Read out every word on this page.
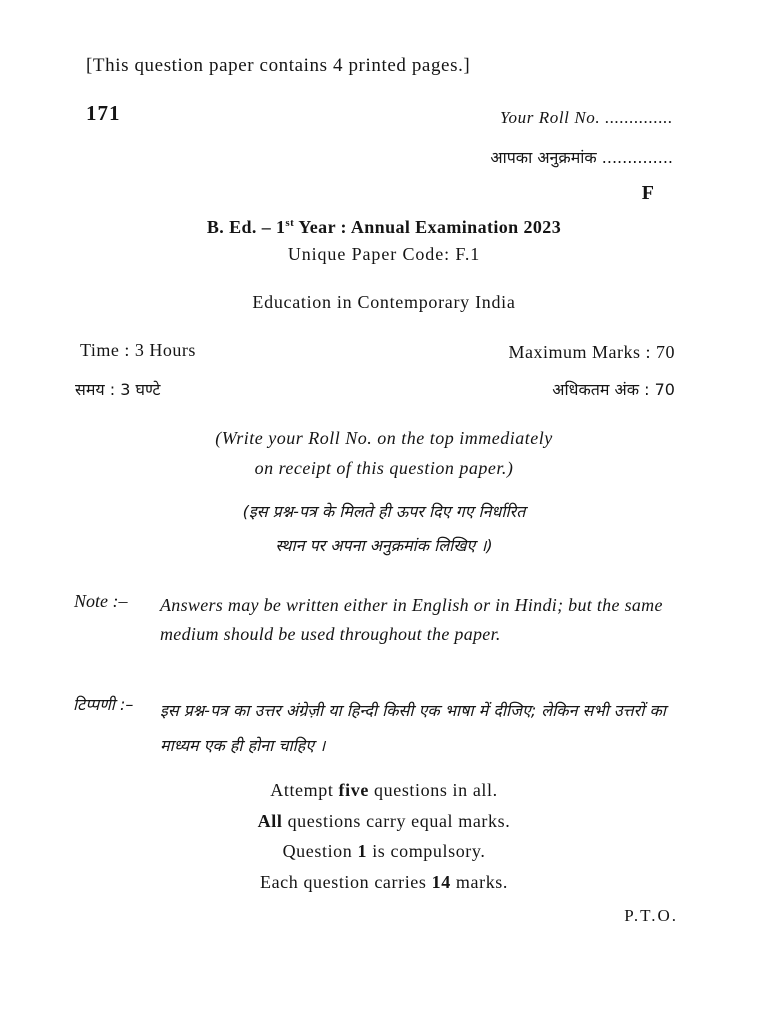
[This question paper contains 4 printed pages.]
171	Your Roll No. ..............
आपका अनुक्रमांक ..............
F
B. Ed. – 1st Year : Annual Examination 2023
Unique Paper Code: F.1
Education in Contemporary India
Time : 3 Hours	Maximum Marks : 70
समय : 3 घण्टे	अधिकतम अंक : 70
(Write your Roll No. on the top immediately
on receipt of this question paper.)
(इस प्रश्न-पत्र के मिलते ही ऊपर दिए गए निर्धारित
स्थान पर अपना अनुक्रमांक लिखिए ।)
Note :– Answers may be written either in English or in Hindi; but the same medium should be used throughout the paper.
टिप्पणी :– इस प्रश्न-पत्र का उत्तर अंग्रेज़ी या हिन्दी किसी एक भाषा में दीजिए; लेकिन सभी उत्तरों का माध्यम एक ही होना चाहिए ।
Attempt five questions in all.
All questions carry equal marks.
Question 1 is compulsory.
Each question carries 14 marks.
P.T.O.
